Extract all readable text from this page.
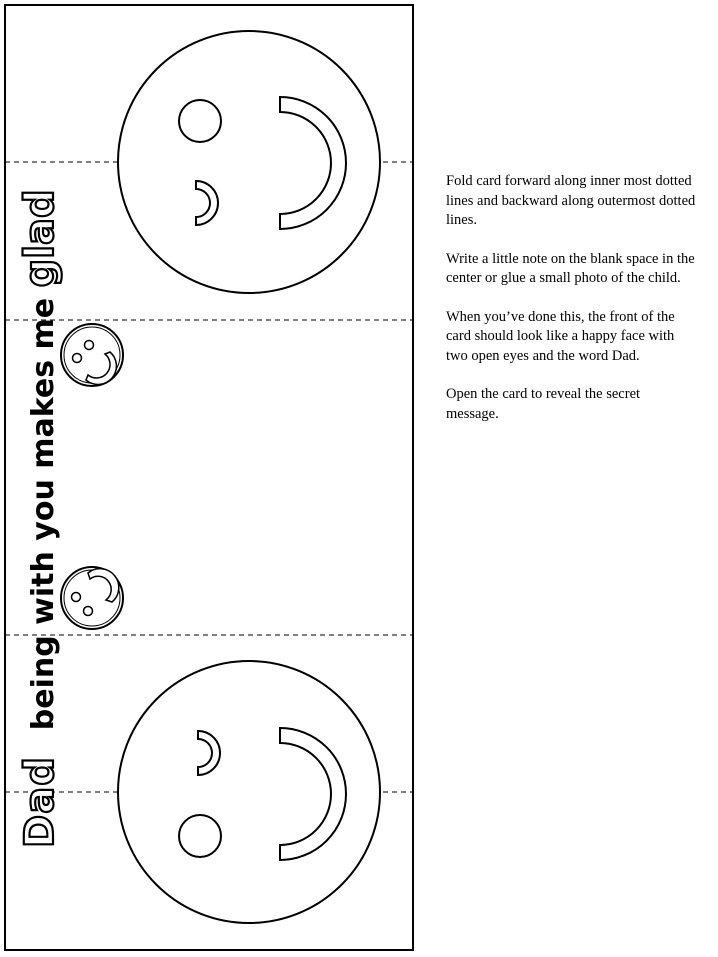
Dad being with you makes me glad

Fold card forward along inner most dotted lines and backward along outermost dotted lines.

Write a little note on the blank space in the center or glue a small photo of the child.

When you’ve done this, the front of the card should look like a happy face with two open eyes and the word Dad.

Open the card to reveal the secret message.
